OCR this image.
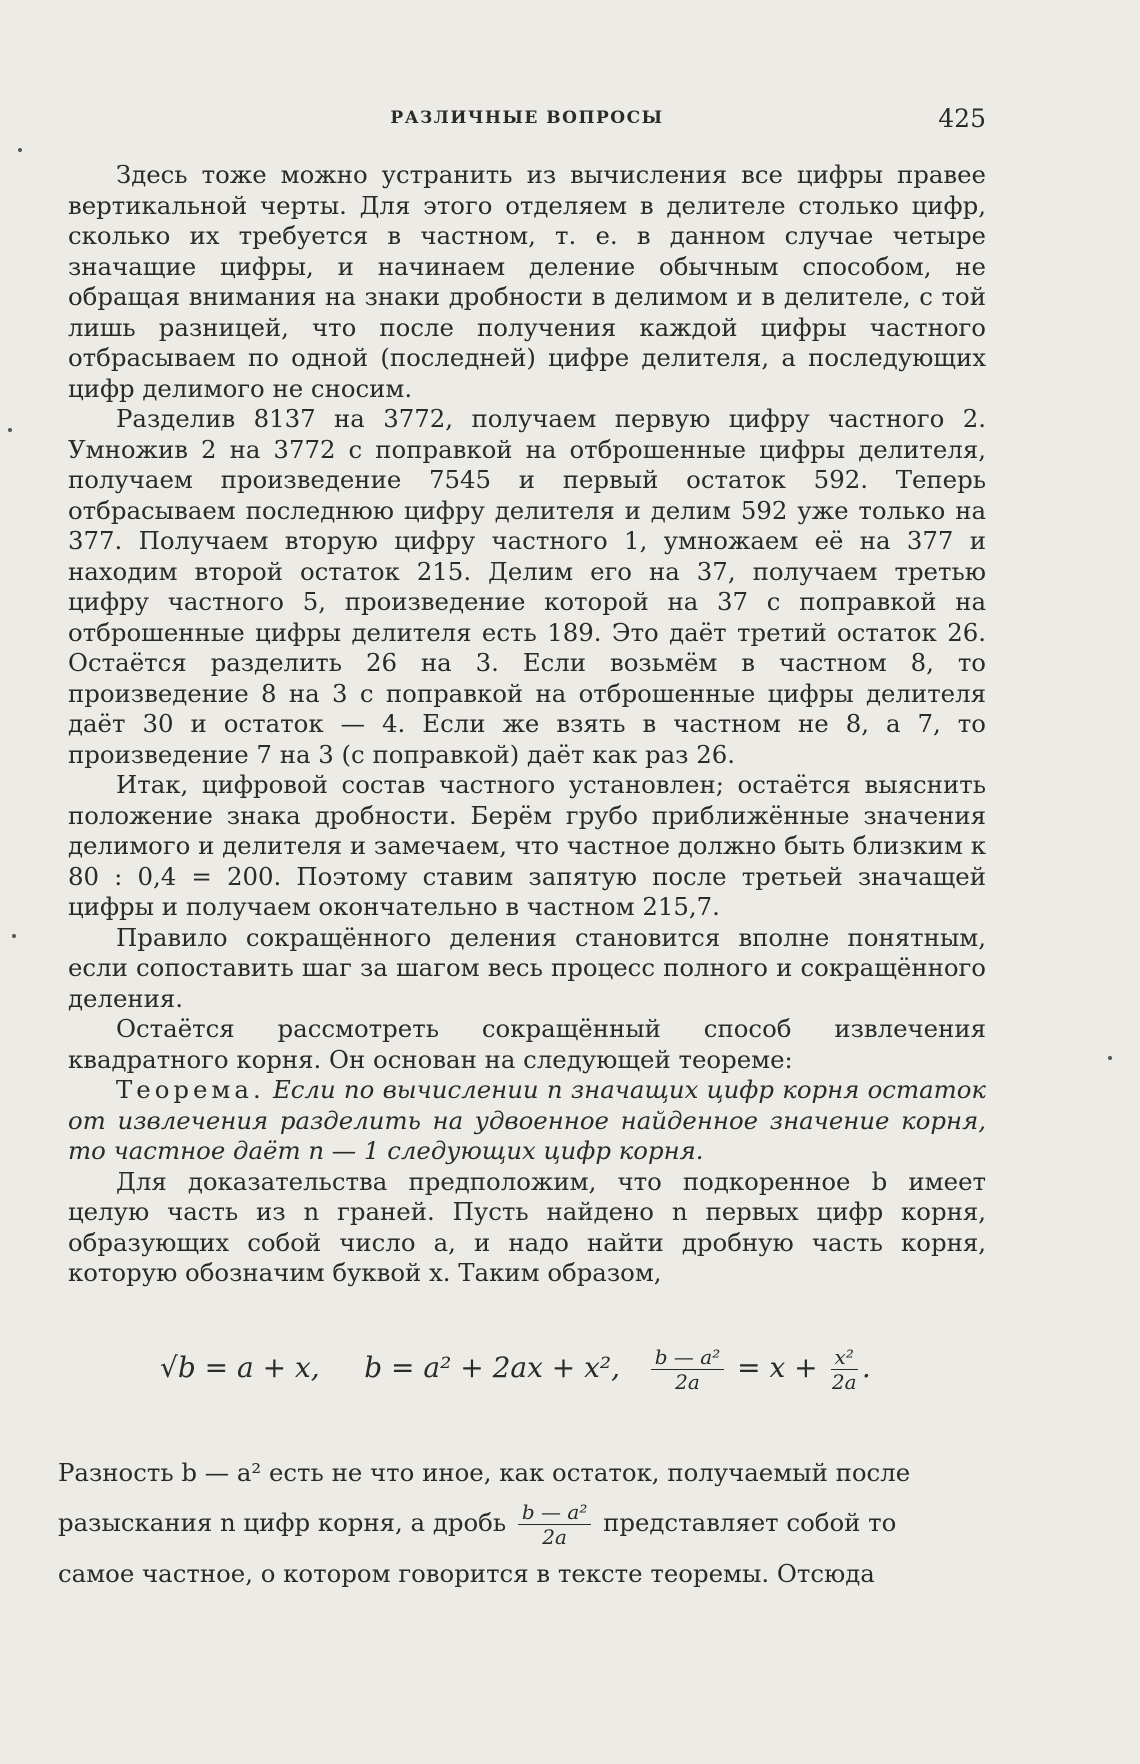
РАЗЛИЧНЫЕ ВОПРОСЫ	425

Здесь тоже можно устранить из вычисления все цифры правее вертикальной черты. Для этого отделяем в делителе столько цифр, сколько их требуется в частном, т. е. в данном случае четыре значащие цифры, и начинаем деление обычным способом, не обращая внимания на знаки дробности в делимом и в делителе, с той лишь разницей, что после получения каждой цифры частного отбрасываем по одной (последней) цифре делителя, а последующих цифр делимого не сносим.

Разделив 8137 на 3772, получаем первую цифру частного 2. Умножив 2 на 3772 с поправкой на отброшенные цифры делителя, получаем произведение 7545 и первый остаток 592. Теперь отбрасываем последнюю цифру делителя и делим 592 уже только на 377. Получаем вторую цифру частного 1, умножаем её на 377 и находим второй остаток 215. Делим его на 37, получаем третью цифру частного 5, произведение которой на 37 с поправкой на отброшенные цифры делителя есть 189. Это даёт третий остаток 26. Остаётся разделить 26 на 3. Если возьмём в частном 8, то произведение 8 на 3 с поправкой на отброшенные цифры делителя даёт 30 и остаток — 4. Если же взять в частном не 8, а 7, то произведение 7 на 3 (с поправкой) даёт как раз 26.

Итак, цифровой состав частного установлен; остаётся выяснить положение знака дробности. Берём грубо приближённые значения делимого и делителя и замечаем, что частное должно быть близким к 80 : 0,4 = 200. Поэтому ставим запятую после третьей значащей цифры и получаем окончательно в частном 215,7.

Правило сокращённого деления становится вполне понятным, если сопоставить шаг за шагом весь процесс полного и сокращённого деления.

Остаётся рассмотреть сокращённый способ извлечения квадратного корня. Он основан на следующей теореме:

Теорема. Если по вычислении n значащих цифр корня остаток от извлечения разделить на удвоенное найденное значение корня, то частное даёт n — 1 следующих цифр корня.

Для доказательства предположим, что подкоренное b имеет целую часть из n граней. Пусть найдено n первых цифр корня, образующих собой число a, и надо найти дробную часть корня, которую обозначим буквой x. Таким образом,

√b = a + x, b = a² + 2ax + x², $\frac{\text{b — a²}}{2a} = x + \frac{\text{x²}}{2a}$ .

Разность b — a² есть не что иное, как остаток, получаемый после

разыскания n цифр корня, а дробь $\frac{\text{b — a²}}{2a}$ представляет собой то

самое частное, о котором говорится в тексте теоремы. Отсюда
